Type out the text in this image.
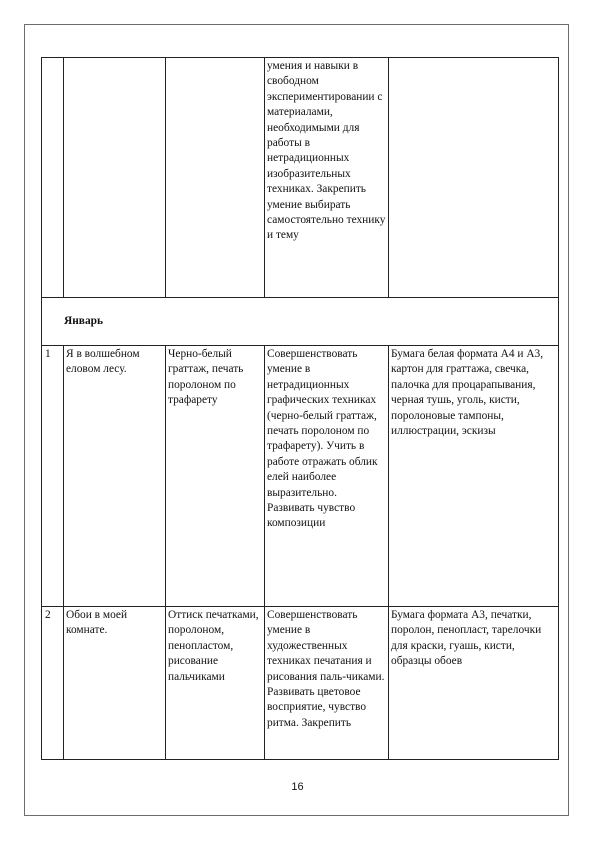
			умения и навыки в свободном экспериментировании с материалами, необходимыми для работы в нетрадиционных изобразительных техниках. Закрепить умение выбирать самостоятельно технику и тему	
Январь				
1	Я в волшебном еловом лесу.	Черно-белый граттаж, печать поролоном по трафарету	Совершенствовать умение в нетрадиционных графических техниках (черно-белый граттаж, печать поролоном по трафарету). Учить в работе отражать облик елей наиболее выразительно. Развивать чувство композиции	Бумага белая формата А4 и А3, картон для граттажа, свечка, палочка для процарапывания, черная тушь, уголь, кисти, поролоновые тампоны, иллюстрации, эскизы
2	Обои в моей комнате.	Оттиск печатками, поролоном, пенопластом, рисование пальчиками	Совершенствовать умение в художественных техниках печатания и рисования паль-чиками. Развивать цветовое восприятие, чувство ритма. Закрепить	Бумага формата А3, печатки, поролон, пенопласт, тарелочки для краски, гуашь, кисти, образцы обоев
16
